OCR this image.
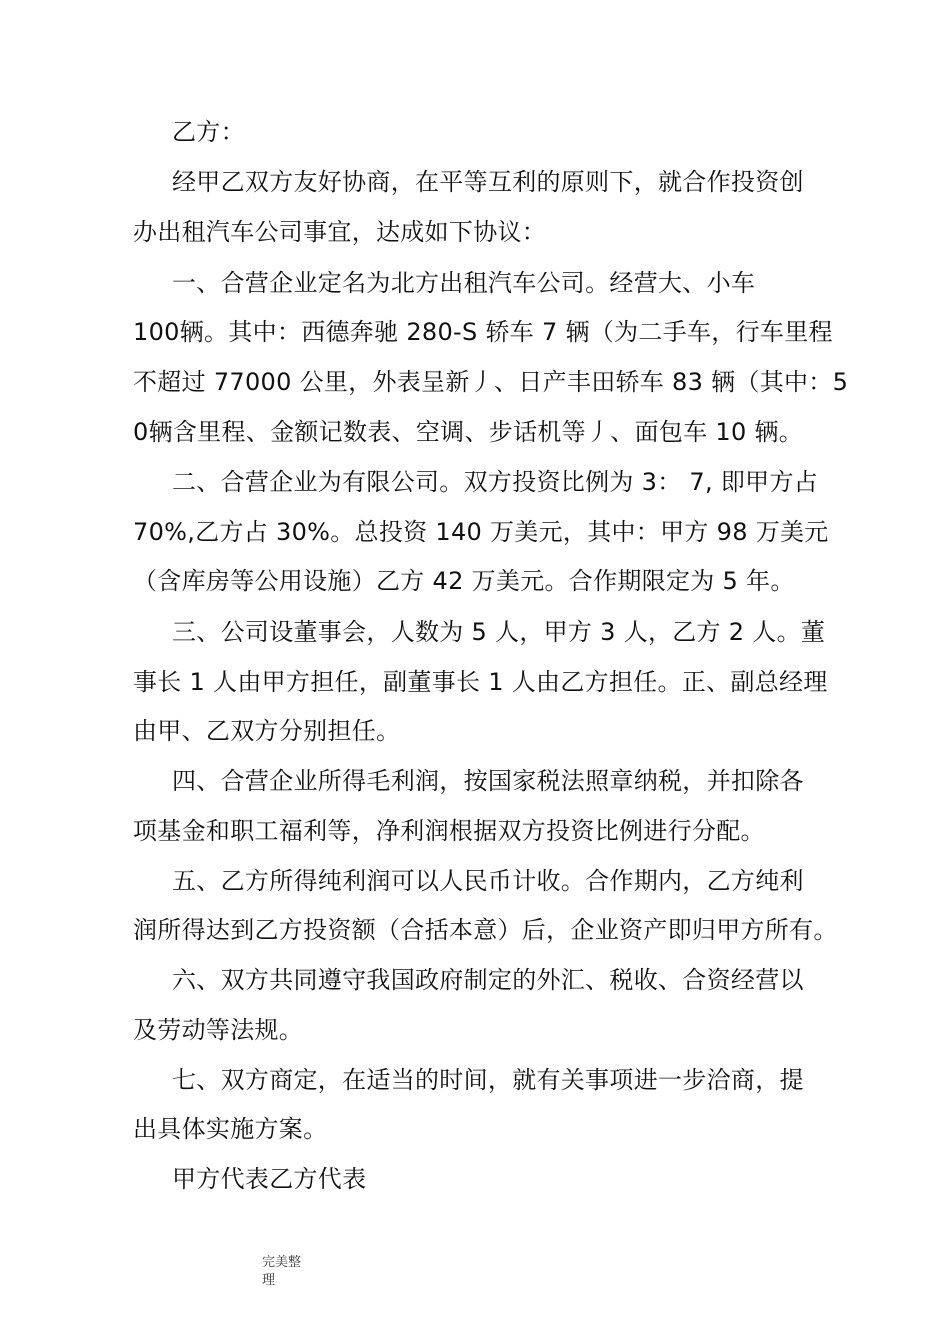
乙方：
经甲乙双方友好协商，在平等互利的原则下，就合作投资创
办出租汽车公司事宜，达成如下协议：
一、合营企业定名为北方出租汽车公司。经营大、小车
100辆。其中：西德奔驰 280-S 轿车 7 辆（为二手车，行车里程
不超过 77000 公里，外表呈新丿、日产丰田轿车 83 辆（其中：5
0辆含里程、金额记数表、空调、步话机等丿、面包车 10 辆。
二、合营企业为有限公司。双方投资比例为 3： 7, 即甲方占
70%,乙方占 30%。总投资 140 万美元，其中：甲方 98 万美元
（含库房等公用设施）乙方 42 万美元。合作期限定为 5 年。
三、公司设董事会，人数为 5 人，甲方 3 人，乙方 2 人。董
事长 1 人由甲方担任，副董事长 1 人由乙方担任。正、副总经理
由甲、乙双方分别担任。
四、合营企业所得毛利润，按国家税法照章纳税，并扣除各
项基金和职工福利等，净利润根据双方投资比例进行分配。
五、乙方所得纯利润可以人民币计收。合作期内，乙方纯利
润所得达到乙方投资额（合括本意）后，企业资产即归甲方所有。
六、双方共同遵守我国政府制定的外汇、税收、合资经营以
及劳动等法规。
七、双方商定，在适当的时间，就有关事项进一步洽商，提
出具体实施方案。
甲方代表乙方代表
完美整
理
